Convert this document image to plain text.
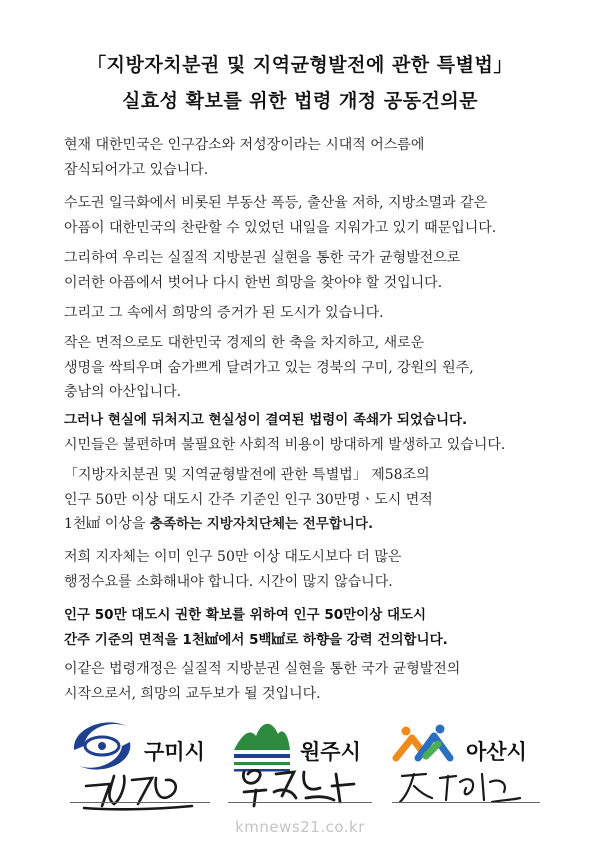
「지방자치분권 및 지역균형발전에 관한 특별법」
실효성 확보를 위한 법령 개정 공동건의문
현재 대한민국은 인구감소와 저성장이라는 시대적 어스름에
잠식되어가고 있습니다.
수도권 일극화에서 비롯된 부동산 폭등, 출산율 저하, 지방소멸과 같은
아픔이 대한민국의 찬란할 수 있었던 내일을 지워가고 있기 때문입니다.
그리하여 우리는 실질적 지방분권 실현을 통한 국가 균형발전으로
이러한 아픔에서 벗어나 다시 한번 희망을 찾아야 할 것입니다.
그리고 그 속에서 희망의 증거가 된 도시가 있습니다.
작은 면적으로도 대한민국 경제의 한 축을 차지하고, 새로운
생명을 싹틔우며 숨가쁘게 달려가고 있는 경북의 구미, 강원의 원주,
충남의 아산입니다.
그러나 현실에 뒤처지고 현실성이 결여된 법령이 족쇄가 되었습니다.
시민들은 불편하며 불필요한 사회적 비용이 방대하게 발생하고 있습니다.
「지방자치분권 및 지역균형발전에 관한 특별법」 제58조의
인구 50만 이상 대도시 간주 기준인 인구 30만명ㆍ도시 면적
1천㎢ 이상을 충족하는 지방자치단체는 전무합니다.
저희 지자체는 이미 인구 50만 이상 대도시보다 더 많은
행정수요를 소화해내야 합니다. 시간이 많지 않습니다.
인구 50만 대도시 권한 확보를 위하여 인구 50만이상 대도시
간주 기준의 면적을 1천㎢에서 5백㎢로 하향을 강력 건의합니다.
이같은 법령개정은 실질적 지방분권 실현을 통한 국가 균형발전의
시작으로서, 희망의 교두보가 될 것입니다.
구미시	원주시	아산시
kmnews21.co.kr
